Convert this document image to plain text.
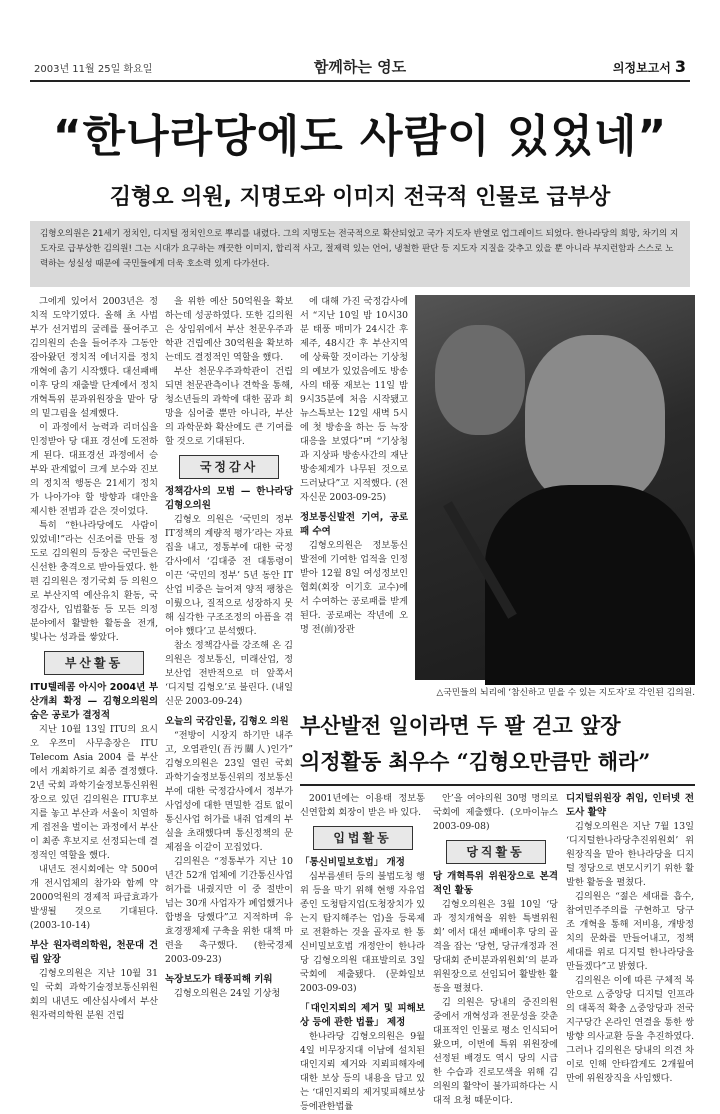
2003년 11월 25일 화요일	함께하는 영도	의정보고서 3
“한나라당에도 사람이 있었네”
김형오 의원, 지명도와 이미지 전국적 인물로 급부상
김형오의원은 21세기 정치인, 디지털 정치인으로 뿌리를 내렸다. 그의 지명도는 전국적으로 확산되었고 국가 지도자 반열로 업그레이드 되었다. 한나라당의 희망, 차기의 지도자로 급부상한 김의원! 그는 시대가 요구하는 깨끗한 이미지, 합리적 사고, 절제력 있는 언어, 냉철한 판단 등 지도자 지질을 갖추고 있을 뿐 아니라 부지런함과 스스로 노력하는 성실성 때문에 국민들에게 더욱 호소력 있게 다가선다.

그에게 있어서 2003년은 정치적 도약기였다. 올해 초 사법부가 선거법의 굴레를 풀어주고 김의원의 손을 들어주자 그동안 잠아왔던 정치적 에너지를 정치개혁에 촘기 시작했다. 대선패배 이후 당의 재출발 단계에서 정치개혁특위 분과위원장을 맡아 당의 밑그림을 설계했다.

이 과정에서 능력과 리더십을 인정받아 당 대표 경선에 도전하게 된다. 대표경선 과정에서 승부와 관계없이 크게 보수와 진보의 정치적 행동은 21세기 정치가 나아가야 할 방향과 대안을 제시한 전범과 같은 것이었다.

특히 “한나라당에도 사람이 있었네!”라는 신조어를 만들 정도로 김의원의 등장은 국민들은 신선한 충격으로 받아들였다. 한편 김의원은 정기국회 등 의원으로 부산지역 예산유치 환동, 국정감사, 입법활동 등 모든 의정분야에서 활발한 활동을 전개, 빛나는 성과를 쌓았다.

부산활동

ITU텔레콤 아시아 2004년 부산개최 확정 — 김형오의원의 숨은 공로가 결정적

지난 10월 13일 ITU의 요시오 우쯔미 사무총장은 ITU Telecom Asia 2004 를 부산에서 개최하기로 최종 결정했다. 2년 국회 과학기술정보통신위원장으로 있던 김의원은 ITU후보지를 놓고 부산과 서울이 치열하게 접전을 벌이는 과정에서 부산이 최종 후보지로 선정되는데 결정적인 역할을 했다.

내년도 전시회에는 약 500여개 전시업체의 참가와 함께 약 2000억원의 경제적 파급효과가 발생될 것으로 기대된다. (2003-10-14)

부산 원자력의학원, 천문대 건립 앞장

김형오의원은 지난 10월 31일 국회 과학기술정보통신위원회의 내년도 예산심사에서 부산 원자력의학원 분원 건립

을 위한 예산 50억원을 확보하는데 성공하였다. 또한 김의원은 상임위에서 부산 천문우주과학관 건립예산 30억원을 확보하는데도 결정적인 역할을 했다.

부산 천문우주과학관이 건립되면 천문관측이나 견학을 통해, 청소년들의 과학에 대한 꿈과 희망을 심어줄 뿐만 아니라, 부산의 과학문화 확산에도 큰 기여를 할 것으로 기대된다.

국정감사

정책감사의 모범 — 한나라당 김형오의원

김형오 의원은 ‘국민의 정부 IT정책의 계량적 평가’라는 자료집을 내고, 정통부에 대한 국정감사에서 ‘김대중 전 대통령이 이끈 ‘국민의 정부’ 5년 동안 IT산업 비중은 늘어져 양적 팽창은 이뤘으나, 질적으로 성장하지 못해 심각한 구조조정의 아픔을 겪어야 했다’고 분석했다.

참소 정책감사를 강조해 온 김의원은 정보통신, 미래산업, 정보산업 전반적으로 더 앞쪽서 ‘디지털 김형오’로 불린다. (내일신문 2003-09-24)

오늘의 국감인물, 김형오 의원

“전방이 시장지 하기만 내주고, 오염관인(吾汚關人)인가” 김형오의원은 23일 열린 국회 과학기술정보통신위의 정보통신부에 대한 국정감사에서 정부가 사업성에 대한 면밀한 검토 없이 통신사업 허가를 내줘 업계의 부실을 초래했다며 통신정책의 문제점을 이같이 꼬집었다.

김의원은 “정통부가 지난 10년간 52개 업체에 기간통신사업 허가를 내줬지만 이 중 절반이 넘는 30개 사업자가 폐업했거나 합병을 당했다”고 지적하며 유효경쟁체제 구축을 위한 대책 마련을 촉구했다. (한국경제 2003-09-23)

녹장보도가 태풍피해 키워

김형오의원은 24일 기상청

에 대해 가진 국정감사에서 “지난 10일 밤 10시30분 태풍 매미가 24시간 후 제주, 48시간 후 부산지역에 상륙할 것이라는 기상청의 예보가 있었음에도 방송사의 태풍 재보는 11일 밤 9시35분에 처음 시작됐고 뉴스특보는 12일 새벽 5시에 첫 방송을 하는 등 늑장대응을 보였다”며 “기상청과 지상파 방송사간의 재난방송체계가 나무된 것으로 드러났다”고 지적했다. (전자신문 2003-09-25)

정보통신발전 기여, 공로패 수여

김형오의원은 정보통신 발전에 기여한 업적을 인정받아 12월 8일 여성정보인협회(회장 이기호 교수)에서 수여하는 공로패를 받게 된다. 공로패는 작년에 오명 전(前)장관

△국민들의 뇌리에 ‘참신하고 믿을 수 있는 지도자’로 각인된 김의원.
부산발전 일이라면 두 팔 걷고 앞장
의정활동 최우수 “김형오만큼만 해라”

2001년에는 이용태 정보통신연합회 회장이 받은 바 있다.

입법활동

「통신비밀보호법」 개정

심부름센터 등의 불법도청 행위 등을 막기 위해 현행 자유업종인 도청탐지업(도청장치가 있는지 탐지해주는 업)을 등록제로 전환하는 것을 골자로 한 통신비밀보호법 개정안이 한나라당 김형오의원 대표발의로 3일 국회에 제출됐다. (문화일보 2003-09-03)

「대인지뢰의 제거 및 피해보상 등에 관한 법률」 제정

한나라당 김형오의원은 9월 4일 비무장지대 이남에 설치된 대인지뢰 제거와 지뢰피해자에 대한 보상 등의 내용을 담고 있는 ‘대인지뢰의 제거및피해보상등에관한법률

안’을 여야의원 30명 명의로 국회에 제출했다. (오마이뉴스 2003-09-08)

당직활동

당 개혁특위 위원장으로 본격적인 활동

김형오의원은 3월 10일 ‘당과 정치개혁을 위한 특별위원회’ 에서 대선 패배이후 당의 골격을 잡는 ‘당헌, 당규개정과 전당대회 준비분과위원회’의 분과위원장으로 선임되어 활발한 활동을 펼쳤다.

김 의원은 당내의 중진의원 중에서 개혁성과 전문성을 갖춘 대표적인 인물로 평소 인식되어 왔으며, 이번에 특위 위원장에 선정된 배경도 역시 당의 시급한 수습과 진로모색을 위해 김의원의 활약이 불가피하다는 시대적 요청 때문이다.

디지털위원장 취임, 인터넷 전도사 활약

김형오의원은 지난 7월 13일 ‘디지털한나라당추진위원회’ 위원장직을 맡아 한나라당을 디지털 정당으로 변모시키기 위한 활발한 활동을 펼쳤다.

김의원은 “젊은 세대를 흡수, 참여민주주의를 구현하고 당구조 개혁을 통해 저비용, 개방정치의 문화를 만들어내고, 정책 세대를 위로 디지털 한나라당을 만들겠다”고 밝혔다.

김의원은 이에 따른 구체적 복안으로 △중앙당 디지털 인프라의 대폭적 확충 △중앙당과 전국 지구당간 온라인 연결을 통한 쌍방향 의사교환 등을 추진하였다. 그러나 김의원은 당내의 의견 차이로 인해 안타깝게도 2개월여 만에 위원장직을 사임했다.
